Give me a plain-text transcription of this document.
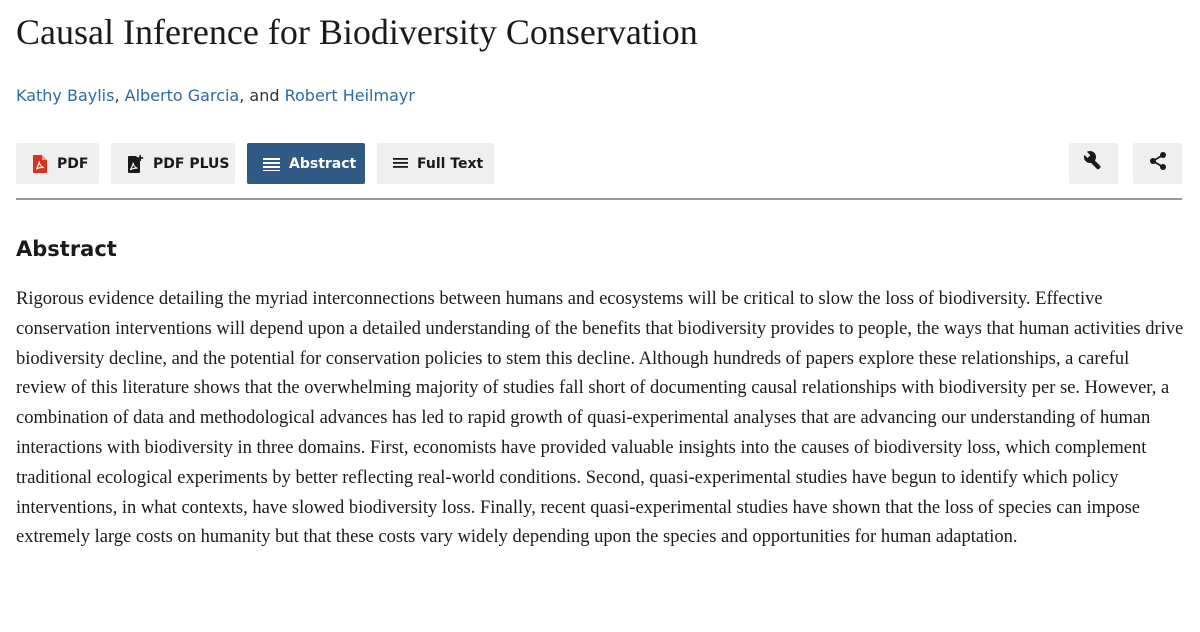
Causal Inference for Biodiversity Conservation
Kathy Baylis, Alberto Garcia, and Robert Heilmayr
PDF	PDF PLUS	Abstract	Full Text
Abstract

Rigorous evidence detailing the myriad interconnections between humans and ecosystems will be critical to slow the loss of biodiversity. Effective conservation interventions will depend upon a detailed understanding of the benefits that biodiversity provides to people, the ways that human activities drive biodiversity decline, and the potential for conservation policies to stem this decline. Although hundreds of papers explore these relationships, a careful review of this literature shows that the overwhelming majority of studies fall short of documenting causal relationships with biodiversity per se. However, a combination of data and methodological advances has led to rapid growth of quasi-experimental analyses that are advancing our understanding of human interactions with biodiversity in three domains. First, economists have provided valuable insights into the causes of biodiversity loss, which complement traditional ecological experiments by better reflecting real-world conditions. Second, quasi-experimental studies have begun to identify which policy interventions, in what contexts, have slowed biodiversity loss. Finally, recent quasi-experimental studies have shown that the loss of species can impose extremely large costs on humanity but that these costs vary widely depending upon the species and opportunities for human adaptation.
